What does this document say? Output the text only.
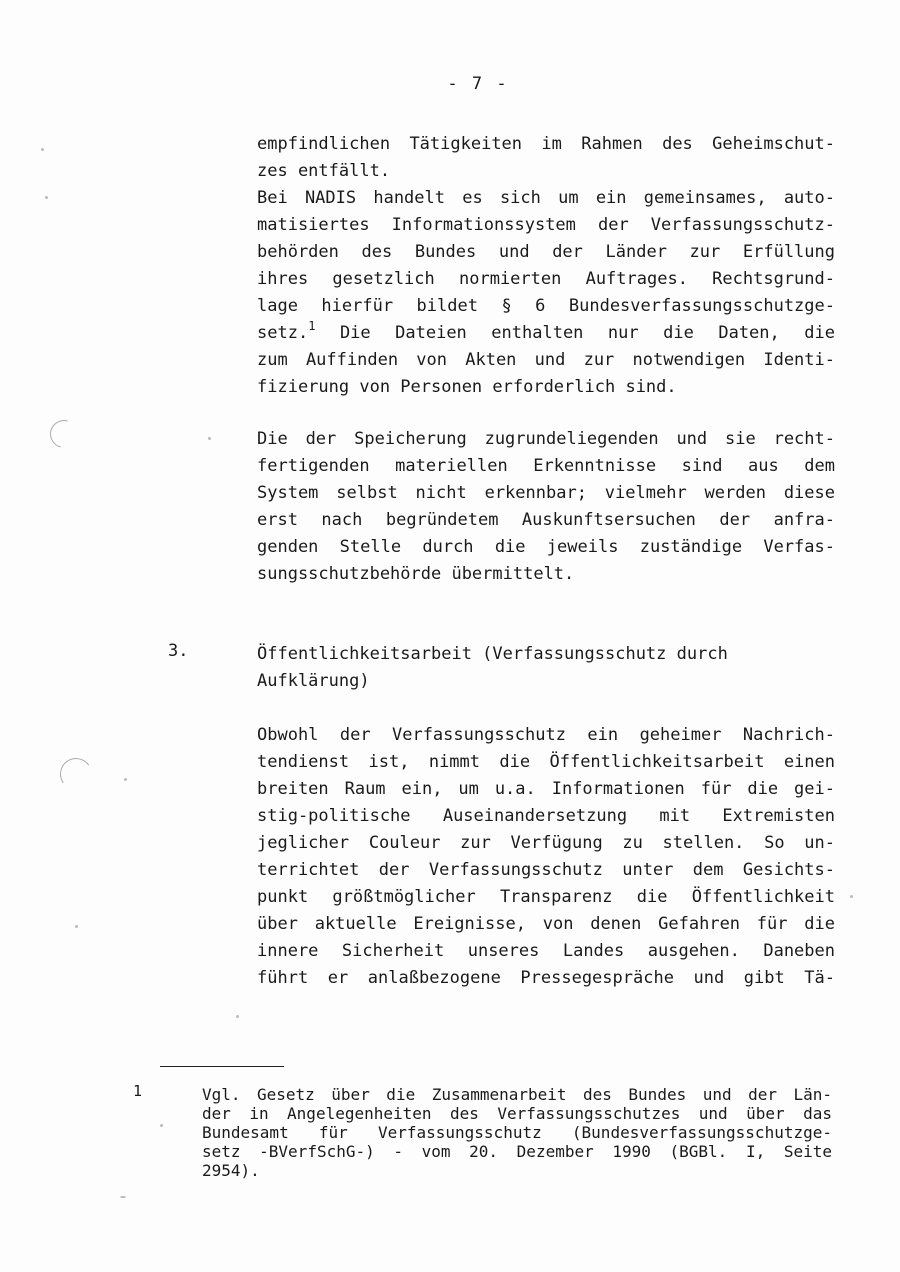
- 7 -
empfindlichen Tätigkeiten im Rahmen des Geheimschut-
zes entfällt.
Bei NADIS handelt es sich um ein gemeinsames, auto-
matisiertes Informationssystem der Verfassungsschutz-
behörden des Bundes und der Länder zur Erfüllung
ihres gesetzlich normierten Auftrages. Rechtsgrund-
lage hierfür bildet § 6 Bundesverfassungsschutzge-
setz.$^1$ Die Dateien enthalten nur die Daten, die
zum Auffinden von Akten und zur notwendigen Identi-
fizierung von Personen erforderlich sind.
Die der Speicherung zugrundeliegenden und sie recht-
fertigenden materiellen Erkenntnisse sind aus dem
System selbst nicht erkennbar; vielmehr werden diese
erst nach begründetem Auskunftsersuchen der anfra-
genden Stelle durch die jeweils zuständige Verfas-
sungsschutzbehörde übermittelt.
3.	Öffentlichkeitsarbeit (Verfassungsschutz durch
Aufklärung)
Obwohl der Verfassungsschutz ein geheimer Nachrich-
tendienst ist, nimmt die Öffentlichkeitsarbeit einen
breiten Raum ein, um u.a. Informationen für die gei-
stig-politische Auseinandersetzung mit Extremisten
jeglicher Couleur zur Verfügung zu stellen. So un-
terrichtet der Verfassungsschutz unter dem Gesichts-
punkt größtmöglicher Transparenz die Öffentlichkeit
über aktuelle Ereignisse, von denen Gefahren für die
innere Sicherheit unseres Landes ausgehen. Daneben
führt er anlaßbezogene Pressegespräche und gibt Tä-
1	Vgl. Gesetz über die Zusammenarbeit des Bundes und der Län-
der in Angelegenheiten des Verfassungsschutzes und über das
Bundesamt für Verfassungsschutz (Bundesverfassungsschutzge-
setz -BVerfSchG-) - vom 20. Dezember 1990 (BGBl. I, Seite
2954).
